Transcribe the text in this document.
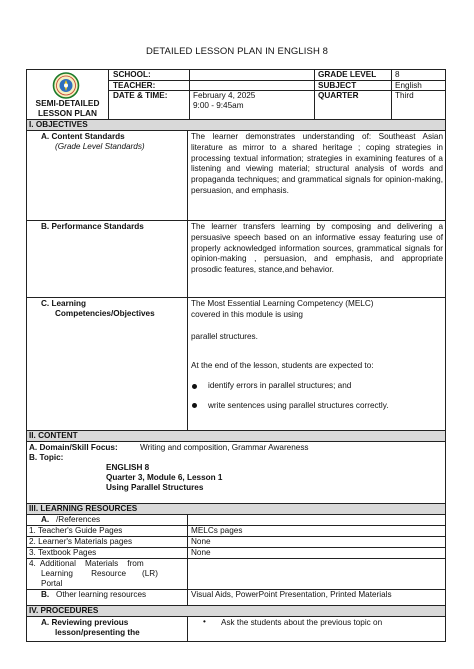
DETAILED LESSON PLAN IN ENGLISH 8
SEMI-DETAILED LESSON PLAN
SCHOOL:
TEACHER:
DATE & TIME:	February 4, 2025
9:00 - 9:45am
GRADE LEVEL 8
SUBJECT	English
QUARTER	Third
I. OBJECTIVES
A. Content Standards
(Grade Level Standards)
The learner demonstrates understanding of: Southeast Asian literature as mirror to a shared heritage ; coping strategies in processing textual information; strategies in examining features of a listening and viewing material; structural analysis of words and propaganda techniques; and grammatical signals for opinion-making, persuasion, and emphasis.
B. Performance Standards	The learner transfers learning by composing and delivering a persuasive speech based on an informative essay featuring use of properly acknowledged information sources, grammatical signals for opinion-making , persuasion, and emphasis, and appropriate prosodic features, stance,and behavior.
C. Learning
Competencies/Objectives
The Most Essential Learning Competency (MELC)
covered in this module is using
parallel structures.
At the end of the lesson, students are expected to:
identify errors in parallel structures; and
write sentences using parallel structures correctly.
II. CONTENT
A. Domain/Skill Focus:	Writing and composition, Grammar Awareness
B. Topic:
ENGLISH 8
Quarter 3, Module 6, Lesson 1
Using Parallel Structures
III. LEARNING RESOURCES
A. /References
1. Teacher's Guide Pages	MELCs pages
2. Learner's Materials pages	None
3. Textbook Pages	None
4.  Additional    Materials    from
Learning        Resource       (LR)
Portal
B. Other learning resources	Visual Aids, PowerPoint Presentation, Printed Materials
IV. PROCEDURES
A. Reviewing previous
lesson/presenting the
• Ask the students about the previous topic on
